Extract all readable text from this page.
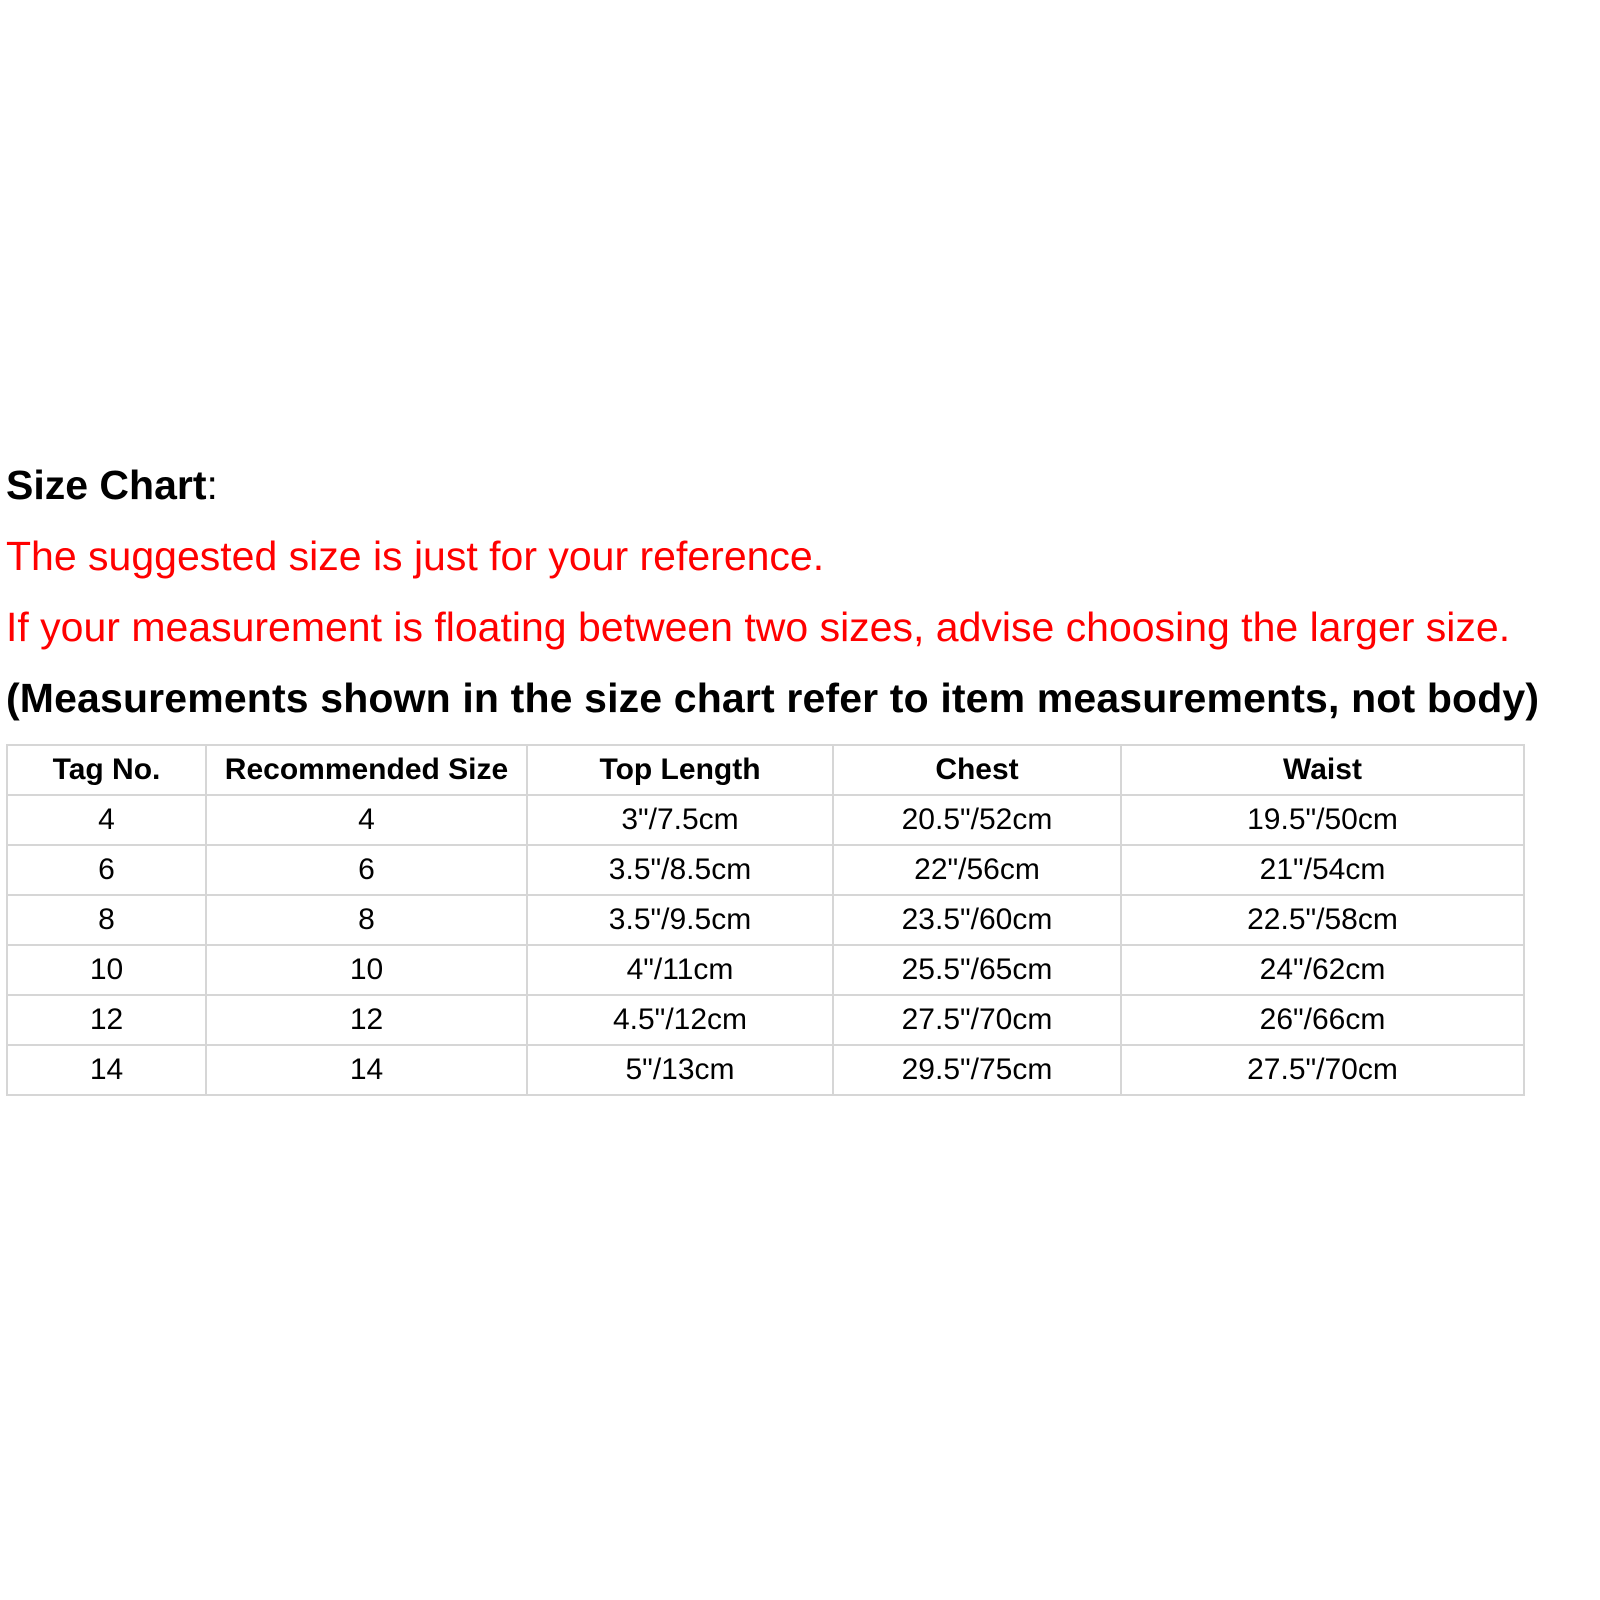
Size Chart:

The suggested size is just for your reference.

If your measurement is floating between two sizes, advise choosing the larger size.

(Measurements shown in the size chart refer to item measurements, not body)

Tag No.	Recommended Size	Top Length	Chest	Waist
4	4	3"/7.5cm	20.5"/52cm	19.5"/50cm
6	6	3.5"/8.5cm	22"/56cm	21"/54cm
8	8	3.5"/9.5cm	23.5"/60cm	22.5"/58cm
10	10	4"/11cm	25.5"/65cm	24"/62cm
12	12	4.5"/12cm	27.5"/70cm	26"/66cm
14	14	5"/13cm	29.5"/75cm	27.5"/70cm
